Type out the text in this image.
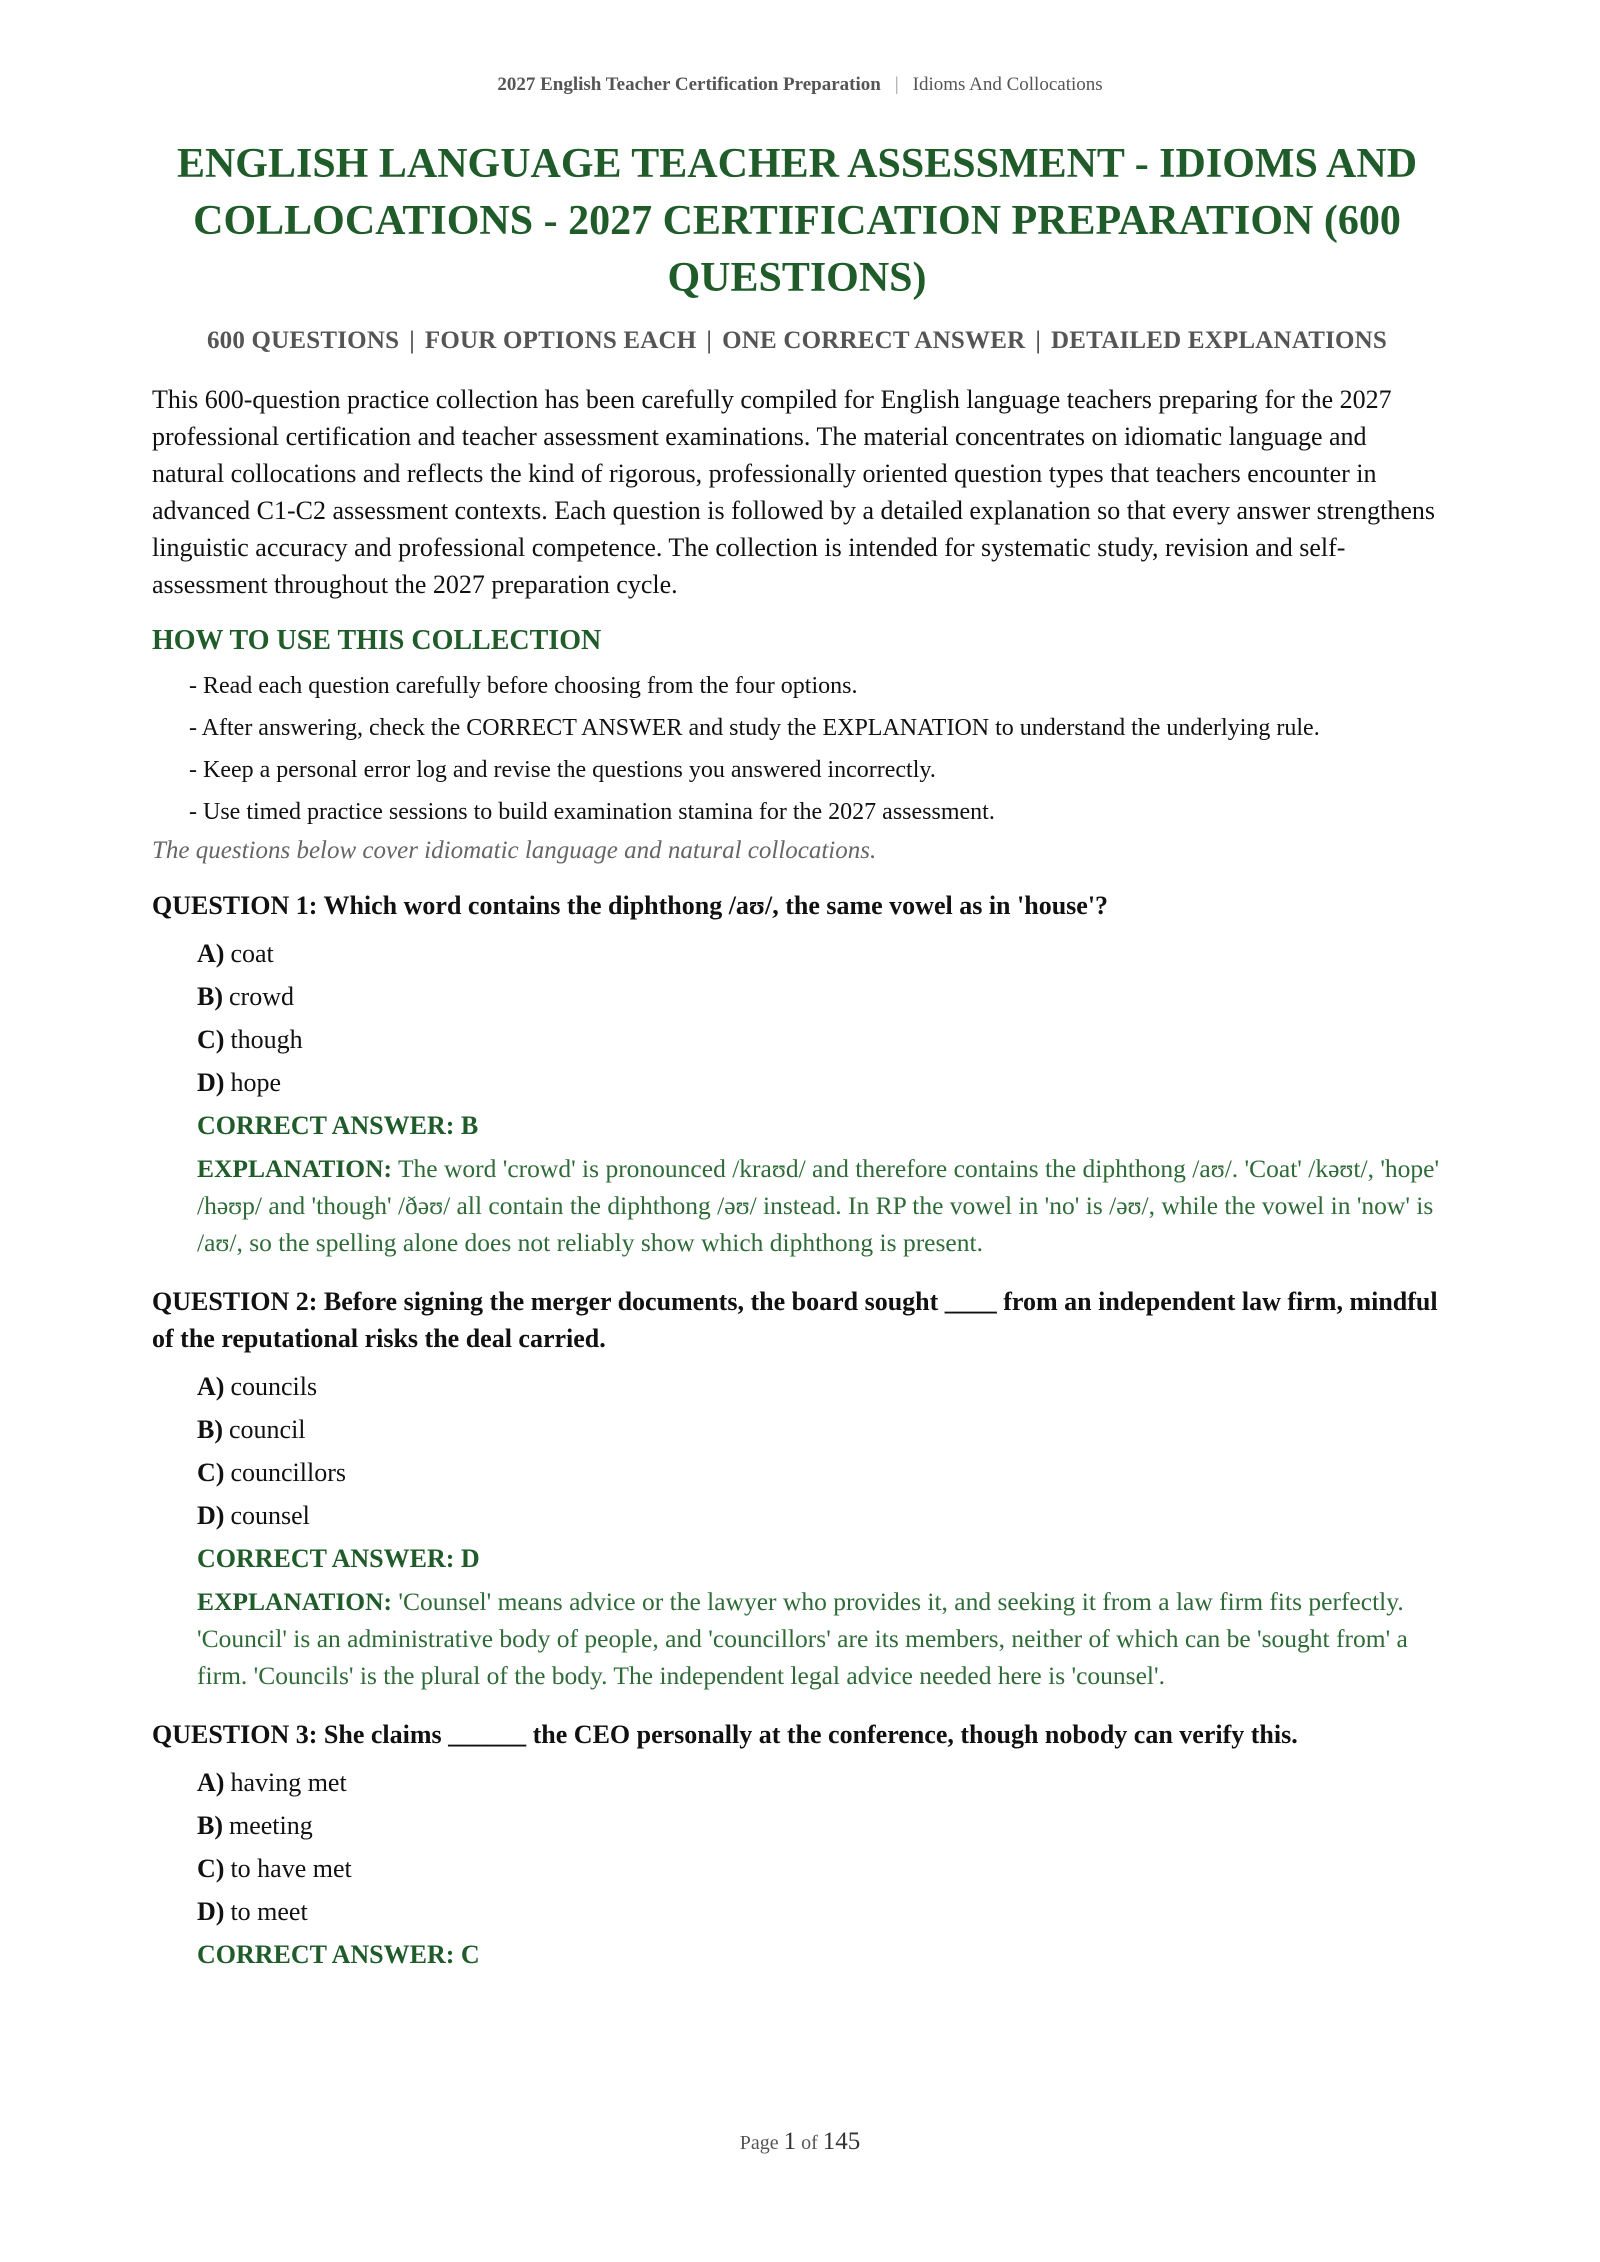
2027 English Teacher Certification Preparation | Idioms And Collocations
ENGLISH LANGUAGE TEACHER ASSESSMENT - IDIOMS AND COLLOCATIONS - 2027 CERTIFICATION PREPARATION (600 QUESTIONS)
600 QUESTIONS | FOUR OPTIONS EACH | ONE CORRECT ANSWER | DETAILED EXPLANATIONS

This 600-question practice collection has been carefully compiled for English language teachers preparing for the 2027 professional certification and teacher assessment examinations. The material concentrates on idiomatic language and natural collocations and reflects the kind of rigorous, professionally oriented question types that teachers encounter in advanced C1-C2 assessment contexts. Each question is followed by a detailed explanation so that every answer strengthens linguistic accuracy and professional competence. The collection is intended for systematic study, revision and self-assessment throughout the 2027 preparation cycle.

HOW TO USE THIS COLLECTION
- Read each question carefully before choosing from the four options.
- After answering, check the CORRECT ANSWER and study the EXPLANATION to understand the underlying rule.
- Keep a personal error log and revise the questions you answered incorrectly.
- Use timed practice sessions to build examination stamina for the 2027 assessment.
The questions below cover idiomatic language and natural collocations.
QUESTION 1: Which word contains the diphthong /aʊ/, the same vowel as in 'house'?
A) coat
B) crowd
C) though
D) hope
CORRECT ANSWER: B
EXPLANATION: The word 'crowd' is pronounced /kraʊd/ and therefore contains the diphthong /aʊ/. 'Coat' /kəʊt/, 'hope' /həʊp/ and 'though' /ðəʊ/ all contain the diphthong /əʊ/ instead. In RP the vowel in 'no' is /əʊ/, while the vowel in 'now' is /aʊ/, so the spelling alone does not reliably show which diphthong is present.
QUESTION 2: Before signing the merger documents, the board sought ____ from an independent law firm, mindful of the reputational risks the deal carried.
A) councils
B) council
C) councillors
D) counsel
CORRECT ANSWER: D
EXPLANATION: 'Counsel' means advice or the lawyer who provides it, and seeking it from a law firm fits perfectly. 'Council' is an administrative body of people, and 'councillors' are its members, neither of which can be 'sought from' a firm. 'Councils' is the plural of the body. The independent legal advice needed here is 'counsel'.
QUESTION 3: She claims ______ the CEO personally at the conference, though nobody can verify this.
A) having met
B) meeting
C) to have met
D) to meet
CORRECT ANSWER: C
Page 1 of 145
